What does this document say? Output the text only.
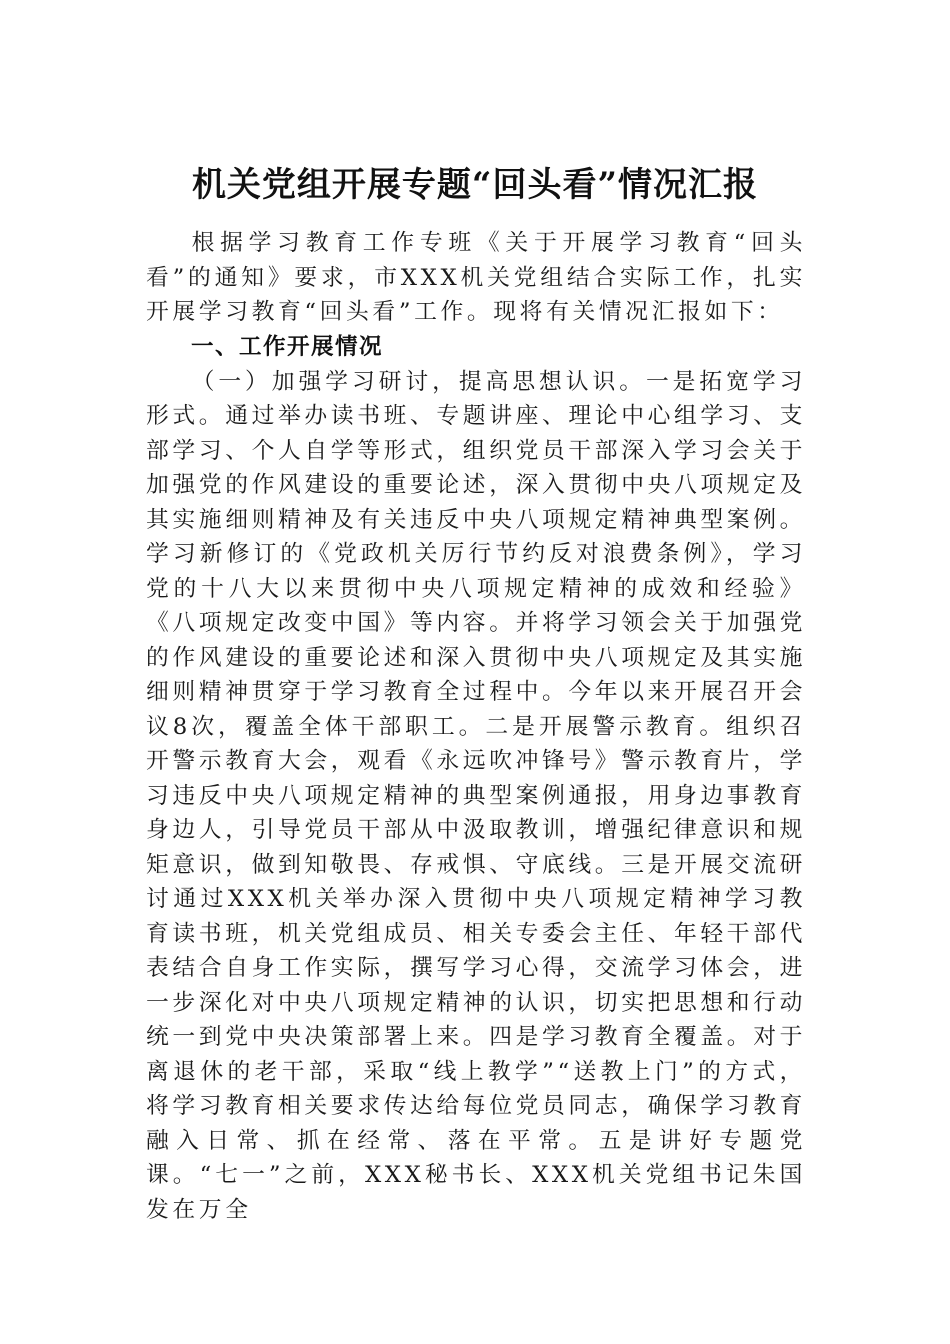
机关党组开展专题“回头看”情况汇报

根据学习教育工作专班《关于开展学习教育“回头看”的通知》要求，市XXX机关党组结合实际工作，扎实开展学习教育“回头看”工作。现将有关情况汇报如下：

一、工作开展情况

（一）加强学习研讨，提高思想认识。一是拓宽学习形式。通过举办读书班、专题讲座、理论中心组学习、支部学习、个人自学等形式，组织党员干部深入学习会关于加强党的作风建设的重要论述，深入贯彻中央八项规定及其实施细则精神及有关违反中央八项规定精神典型案例。学习新修订的《党政机关厉行节约反对浪费条例》，学习党的十八大以来贯彻中央八项规定精神的成效和经验》《八项规定改变中国》等内容。并将学习领会关于加强党的作风建设的重要论述和深入贯彻中央八项规定及其实施细则精神贯穿于学习教育全过程中。今年以来开展召开会议8次，覆盖全体干部职工。二是开展警示教育。组织召开警示教育大会，观看《永远吹冲锋号》警示教育片，学习违反中央八项规定精神的典型案例通报，用身边事教育身边人，引导党员干部从中汲取教训，增强纪律意识和规矩意识，做到知敬畏、存戒惧、守底线。三是开展交流研讨通过XXX机关举办深入贯彻中央八项规定精神学习教育读书班，机关党组成员、相关专委会主任、年轻干部代表结合自身工作实际，撰写学习心得，交流学习体会，进一步深化对中央八项规定精神的认识，切实把思想和行动统一到党中央决策部署上来。四是学习教育全覆盖。对于离退休的老干部，采取“线上教学”“送教上门”的方式，将学习教育相关要求传达给每位党员同志，确保学习教育融入日常、抓在经常、落在平常。五是讲好专题党课。“七一”之前，XXX秘书长、XXX机关党组书记朱国发在万全
